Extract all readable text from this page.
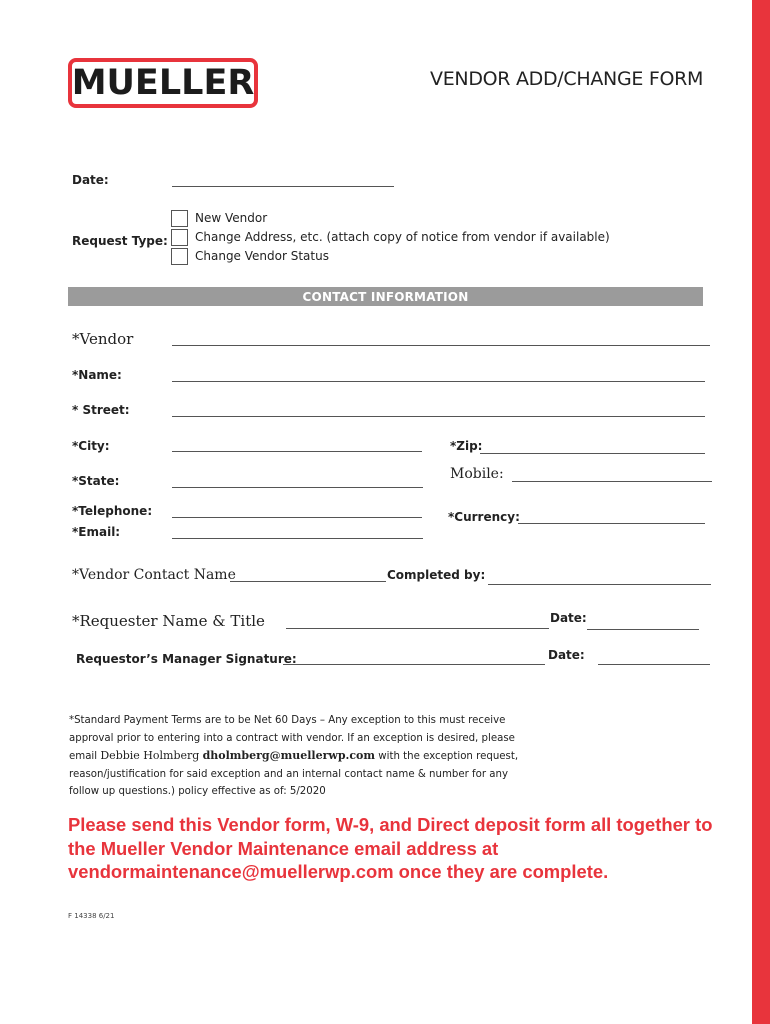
MUELLER	VENDOR ADD/CHANGE FORM
Date:
Request Type:
New Vendor
Change Address, etc. (attach copy of notice from vendor if available)
Change Vendor Status
CONTACT INFORMATION
*Vendor
*Name:
* Street:
*City:	*Zip:
*State:	Mobile:
*Telephone:	*Currency:
*Email:
*Vendor Contact Name	Completed by:
*Requester Name & Title	Date:
Requestor’s Manager Signature:	Date:
*Standard Payment Terms are to be Net 60 Days – Any exception to this must receive approval prior to entering into a contract with vendor. If an exception is desired, please email Debbie Holmberg dholmberg@muellerwp.com with the exception request, reason/justification for said exception and an internal contact name & number for any follow up questions.) policy effective as of: 5/2020
Please send this Vendor form, W-9, and Direct deposit form all together to the Mueller Vendor Maintenance email address at vendormaintenance@muellerwp.com once they are complete.
F 14338 6/21
